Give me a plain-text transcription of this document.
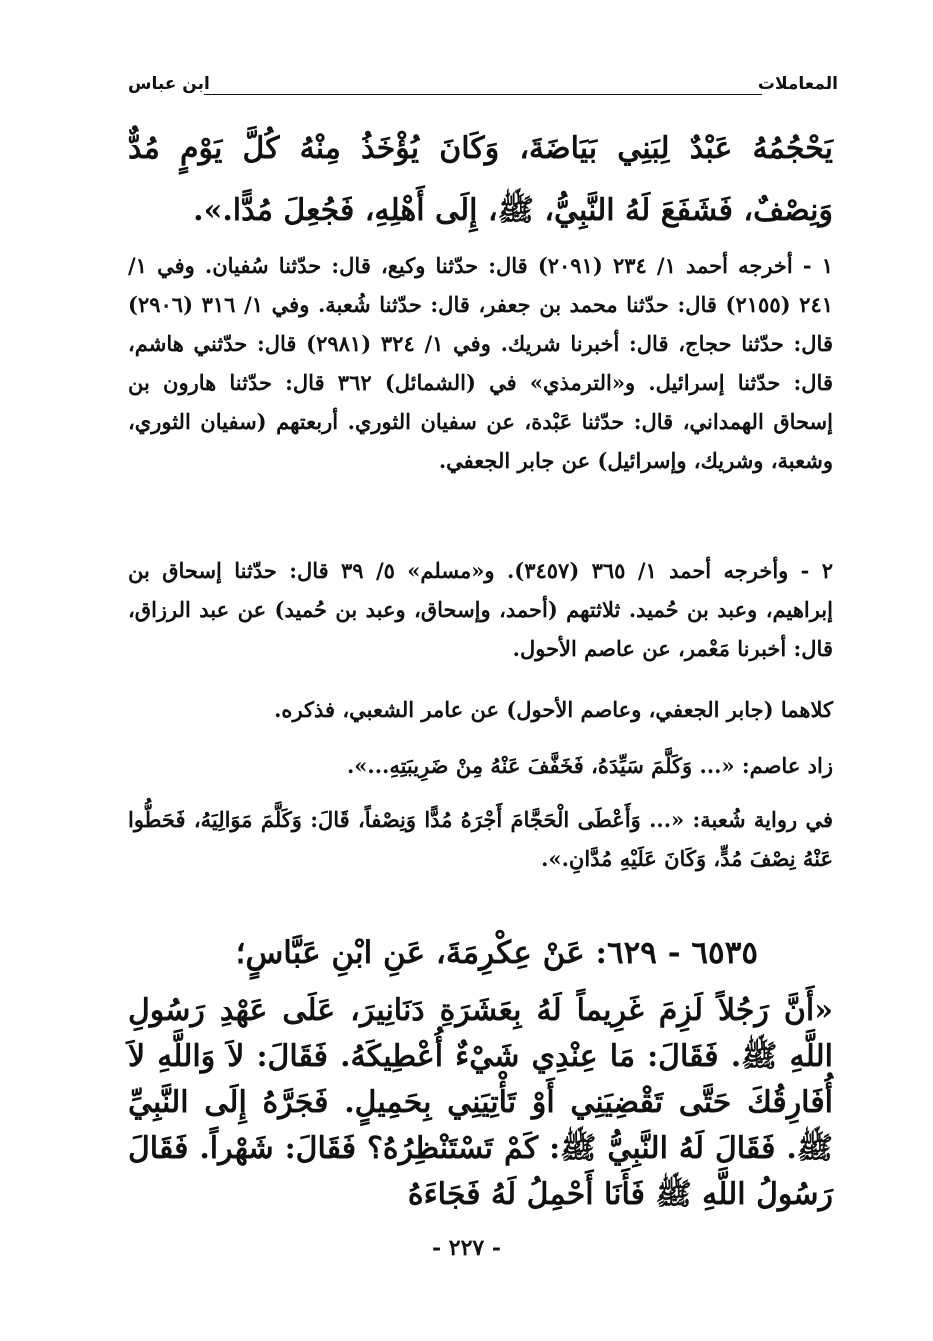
المعاملات
ابن عباس

يَحْجُمُهُ عَبْدٌ لِبَنِي بَيَاضَةَ، وَكَانَ يُؤْخَذُ مِنْهُ كُلَّ يَوْمٍ مُدٌّ وَنِصْفٌ، فَشَفَعَ لَهُ النَّبِيُّ، ﷺ، إِلَى أَهْلِهِ، فَجُعِلَ مُدًّا.».

١ - أخرجه أحمد ١/ ٢٣٤ (٢٠٩١) قال: حدّثنا وكيع، قال: حدّثنا سُفيان. وفي ١/ ٢٤١ (٢١٥٥) قال: حدّثنا محمد بن جعفر، قال: حدّثنا شُعبة. وفي ١/ ٣١٦ (٢٩٠٦) قال: حدّثنا حجاج، قال: أخبرنا شريك. وفي ١/ ٣٢٤ (٢٩٨١) قال: حدّثني هاشم، قال: حدّثنا إسرائيل. و«الترمذي» في (الشمائل) ٣٦٢ قال: حدّثنا هارون بن إسحاق الهمداني، قال: حدّثنا عَبْدة، عن سفيان الثوري. أربعتهم (سفيان الثوري، وشعبة، وشريك، وإسرائيل) عن جابر الجعفي.

٢ - وأخرجه أحمد ١/ ٣٦٥ (٣٤٥٧). و«مسلم» ٥/ ٣٩ قال: حدّثنا إسحاق بن إبراهيم، وعبد بن حُميد. ثلاثتهم (أحمد، وإسحاق، وعبد بن حُميد) عن عبد الرزاق، قال: أخبرنا مَعْمر، عن عاصم الأحول.

كلاهما (جابر الجعفي، وعاصم الأحول) عن عامر الشعبي، فذكره.

زاد عاصم: «... وَكَلَّمَ سَيِّدَهُ، فَخَفَّفَ عَنْهُ مِنْ ضَرِيبَتِهِ...».

في رواية شُعبة: «... وَأَعْطَى الْحَجَّامَ أَجْرَهُ مُدًّا وَنِصْفاً، قَالَ: وَكَلَّمَ مَوَالِيَهُ، فَحَطُّوا عَنْهُ نِصْفَ مُدٍّ، وَكَانَ عَلَيْهِ مُدَّانِ.».

٦٥٣٥ - ٦٢٩: عَنْ عِكْرِمَةَ، عَنِ ابْنِ عَبَّاسٍ؛

«أَنَّ رَجُلاً لَزِمَ غَرِيماً لَهُ بِعَشَرَةِ دَنَانِيرَ، عَلَى عَهْدِ رَسُولِ اللَّهِ ﷺ. فَقَالَ: مَا عِنْدِي شَيْءٌ أُعْطِيكَهُ. فَقَالَ: لاَ وَاللَّهِ لاَ أُفَارِقُكَ حَتَّى تَقْضِيَنِي أَوْ تَأْتِيَنِي بِحَمِيلٍ. فَجَرَّهُ إِلَى النَّبِيِّ ﷺ. فَقَالَ لَهُ النَّبِيُّ ﷺ: كَمْ تَسْتَنْظِرُهُ؟ فَقَالَ: شَهْراً. فَقَالَ رَسُولُ اللَّهِ ﷺ فَأَنَا أَحْمِلُ لَهُ فَجَاءَهُ

- ٢٢٧ -
